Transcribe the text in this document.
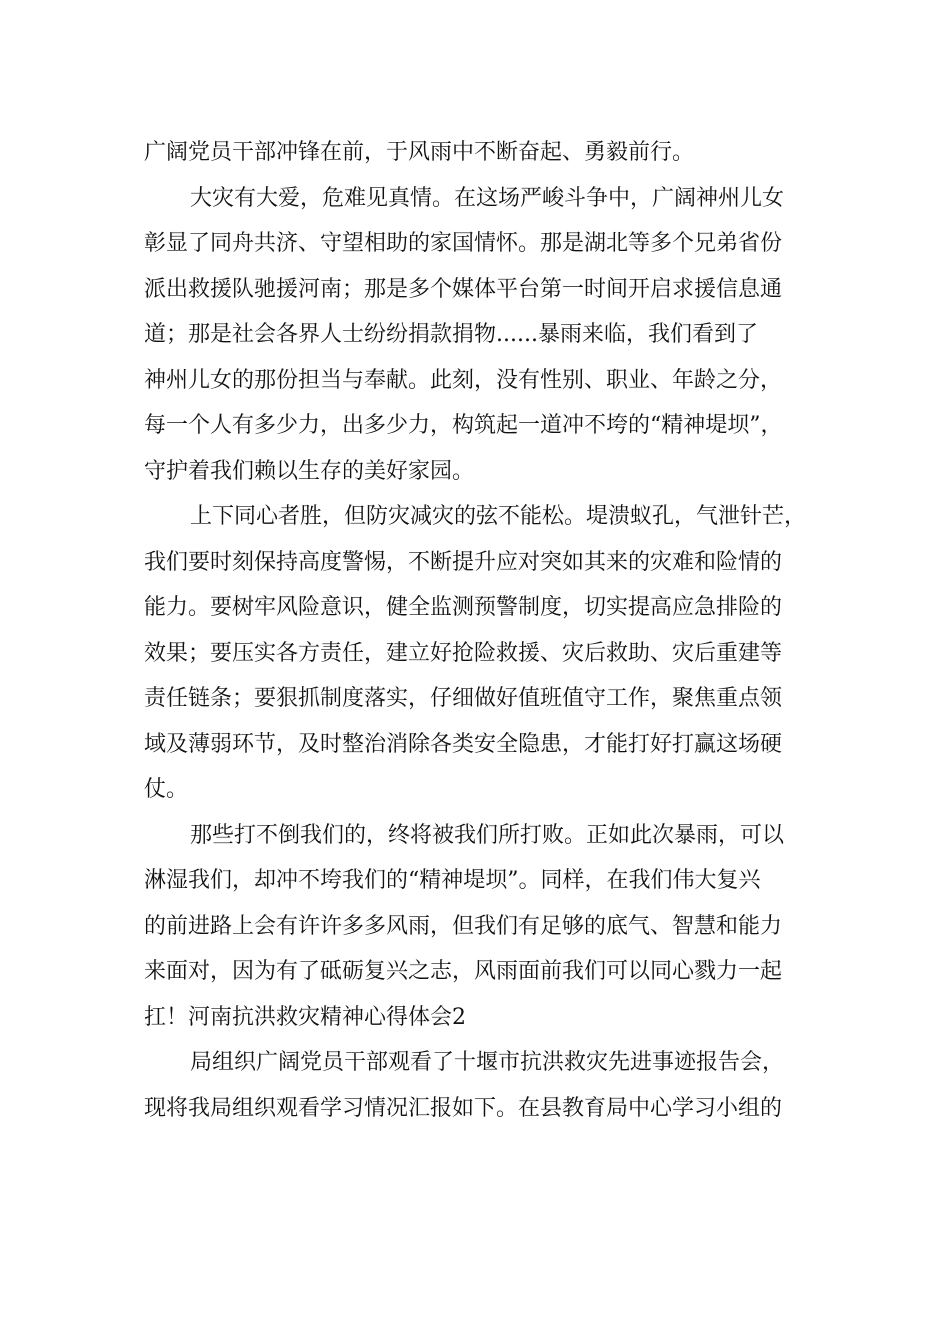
广阔党员干部冲锋在前，于风雨中不断奋起、勇毅前行。
大灾有大爱，危难见真情。在这场严峻斗争中，广阔神州儿女
彰显了同舟共济、守望相助的家国情怀。那是湖北等多个兄弟省份
派出救援队驰援河南；那是多个媒体平台第一时间开启求援信息通
道；那是社会各界人士纷纷捐款捐物......暴雨来临，我们看到了
神州儿女的那份担当与奉献。此刻，没有性别、职业、年龄之分，
每一个人有多少力，出多少力，构筑起一道冲不垮的“精神堤坝”，
守护着我们赖以生存的美好家园。
上下同心者胜，但防灾减灾的弦不能松。堤溃蚁孔，气泄针芒，
我们要时刻保持高度警惕，不断提升应对突如其来的灾难和险情的
能力。要树牢风险意识，健全监测预警制度，切实提高应急排险的
效果；要压实各方责任，建立好抢险救援、灾后救助、灾后重建等
责任链条；要狠抓制度落实，仔细做好值班值守工作，聚焦重点领
域及薄弱环节，及时整治消除各类安全隐患，才能打好打赢这场硬
仗。
那些打不倒我们的，终将被我们所打败。正如此次暴雨，可以
淋湿我们，却冲不垮我们的“精神堤坝”。同样，在我们伟大复兴
的前进路上会有许许多多风雨，但我们有足够的底气、智慧和能力
来面对，因为有了砥砺复兴之志，风雨面前我们可以同心戮力一起
扛！河南抗洪救灾精神心得体会2
局组织广阔党员干部观看了十堰市抗洪救灾先进事迹报告会，
现将我局组织观看学习情况汇报如下。在县教育局中心学习小组的
